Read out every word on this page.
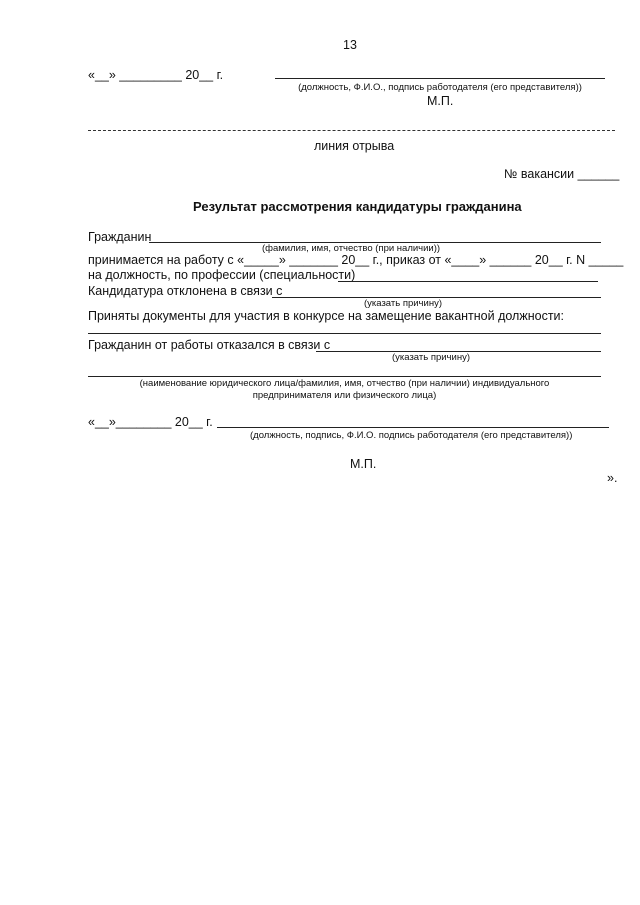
13
«__» _________ 20__ г.
(должность, Ф.И.О., подпись работодателя (его представителя))
М.П.
линия отрыва
№ вакансии ______
Результат рассмотрения кандидатуры гражданина
Гражданин
(фамилия, имя, отчество (при наличии))
принимается на работу с «_____» _______ 20__ г., приказ от «____» ______ 20__ г. N _____
на должность, по профессии (специальности)
Кандидатура отклонена в связи с
(указать причину)
Приняты документы для участия в конкурсе на замещение вакантной должности:
Гражданин от работы отказался в связи с
(указать причину)
(наименование юридического лица/фамилия, имя, отчество (при наличии) индивидуального
предпринимателя или физического лица)
«__»________ 20__ г.
(должность, подпись, Ф.И.О. подпись работодателя (его представителя))
М.П.
».
